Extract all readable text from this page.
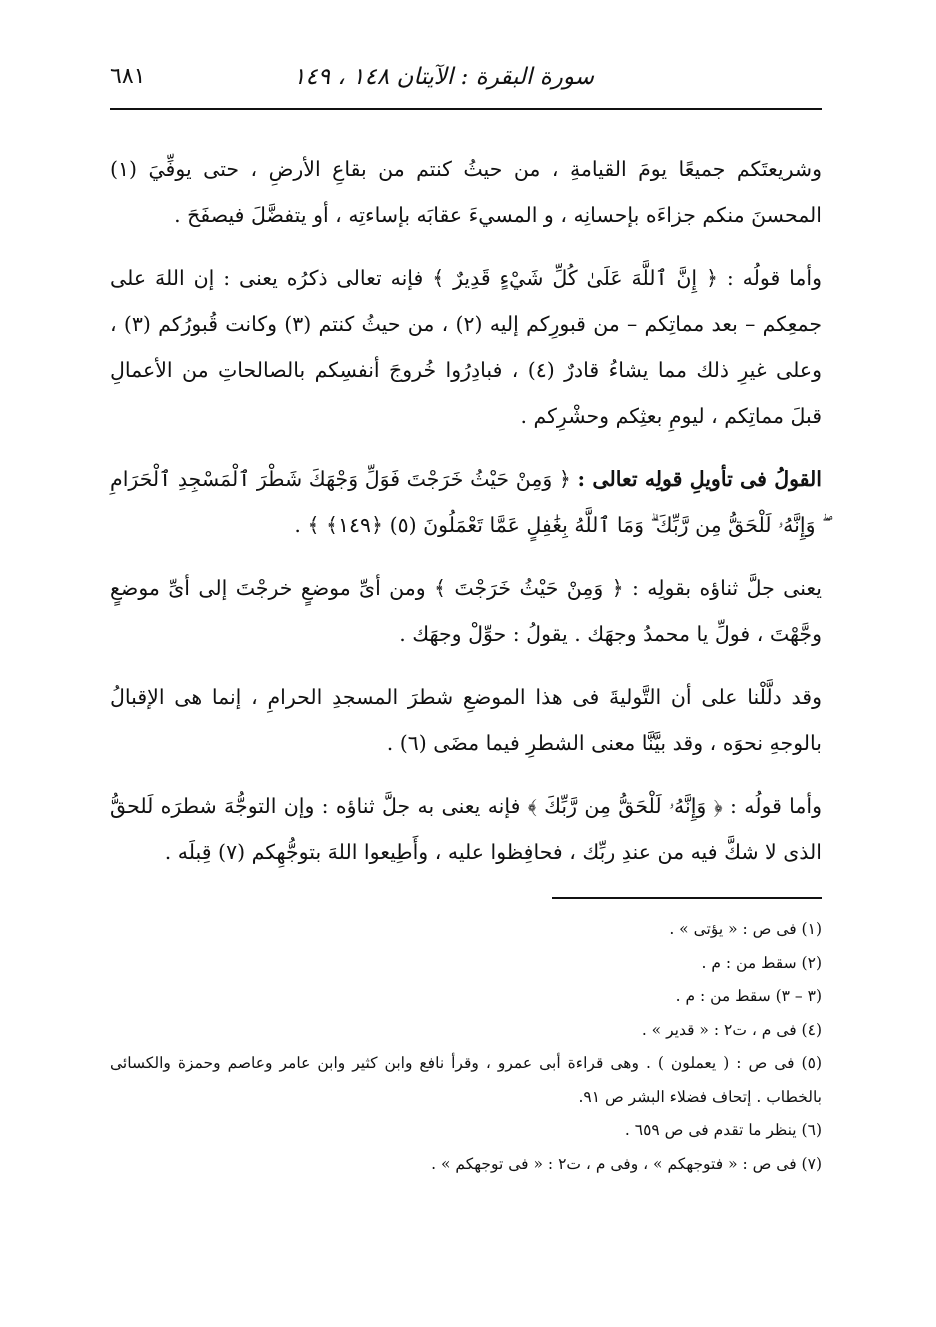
سورة البقرة : الآيتان ١٤٨ ، ١٤٩
٦٨١

وشريعتَكم جميعًا يومَ القيامةِ ، من حيثُ كنتم من بقاعِ الأرضِ ، حتى يوفِّيَ (١) المحسنَ منكم جزاءَه بإحسانِه ، و المسيءَ عقابَه بإساءتِه ، أو يتفضَّلَ فيصفَحَ .

وأما قولُه : ﴿ إِنَّ ٱللَّهَ عَلَىٰ كُلِّ شَيْءٍ قَدِيرٌ ﴾ فإنه تعالى ذكرُه يعنى : إن اللهَ على جمعِكم – بعد مماتِكم – من قبورِكم إليه (٢) ، من حيثُ كنتم (٣) وكانت قُبورُكم (٣) ، وعلى غيرِ ذلك مما يشاءُ قادرٌ (٤) ، فبادِرُوا خُروجَ أنفسِكم بالصالحاتِ من الأعمالِ قبلَ مماتِكم ، ليومِ بعثِكم وحشْرِكم .

القولُ فى تأويلِ قولِه تعالى : ﴿ وَمِنْ حَيْثُ خَرَجْتَ فَوَلِّ وَجْهَكَ شَطْرَ ٱلْمَسْجِدِ ٱلْحَرَامِ ۖ وَإِنَّهُۥ لَلْحَقُّ مِن رَّبِّكَ ۗ وَمَا ٱللَّهُ بِغَٰفِلٍ عَمَّا تَعْمَلُونَ (٥) ﴿١٤٩﴾ ﴾ .

يعنى جلَّ ثناؤه بقولِه : ﴿ وَمِنْ حَيْثُ خَرَجْتَ ﴾ ومن أىِّ موضعٍ خرجْتَ إلى أىِّ موضعٍ وجَّهْتَ ، فولِّ يا محمدُ وجهَك . يقولُ : حوِّلْ وجهَك .

وقد دلَّلْنا على أن التَّوليةَ فى هذا الموضعِ شطرَ المسجدِ الحرامِ ، إنما هى الإقبالُ بالوجهِ نحوَه ، وقد بيَّنَّا معنى الشطرِ فيما مضَى (٦) .

وأما قولُه : ﴿ وَإِنَّهُۥ لَلْحَقُّ مِن رَّبِّكَ ﴾ فإنه يعنى به جلَّ ثناؤه : وإن التوجُّهَ شطرَه لَلحقُّ الذى لا شكَّ فيه من عندِ ربِّك ، فحافِظوا عليه ، وأَطِيعوا اللهَ بتوجُّهِكم (٧) قِبلَه .

(١) فى ص : « يؤتى » .

(٢) سقط من : م .

(٣ – ٣) سقط من : م .

(٤) فى م ، ت٢ : « قدير » .

(٥) فى ص : ( يعملون ) . وهى قراءة أبى عمرو ، وقرأ نافع وابن كثير وابن عامر وعاصم وحمزة والكسائى بالخطاب . إتحاف فضلاء البشر ص ٩١.

(٦) ينظر ما تقدم فى ص ٦٥٩ .

(٧) فى ص : « فتوجهكم » ، وفى م ، ت٢ : « فى توجهكم » .
